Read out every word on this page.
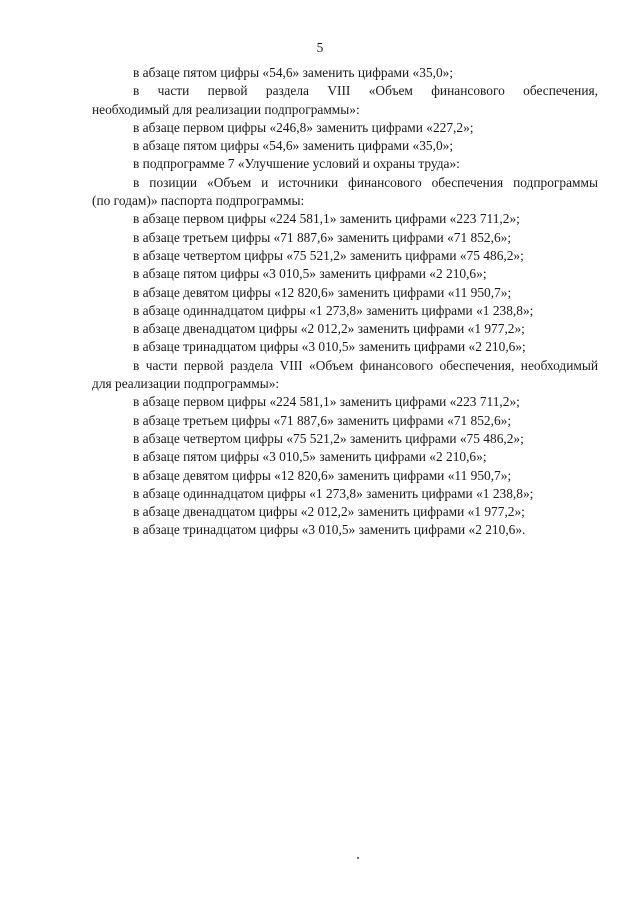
5
в абзаце пятом цифры «54,6» заменить цифрами «35,0»;
в части первой раздела VIII «Объем финансового обеспечения,
необходимый для реализации подпрограммы»:
в абзаце первом цифры «246,8» заменить цифрами «227,2»;
в абзаце пятом цифры «54,6» заменить цифрами «35,0»;
в подпрограмме 7 «Улучшение условий и охраны труда»:
в позиции «Объем и источники финансового обеспечения подпрограммы
(по годам)» паспорта подпрограммы:
в абзаце первом цифры «224 581,1» заменить цифрами «223 711,2»;
в абзаце третьем цифры «71 887,6» заменить цифрами «71 852,6»;
в абзаце четвертом цифры «75 521,2» заменить цифрами «75 486,2»;
в абзаце пятом цифры «3 010,5» заменить цифрами «2 210,6»;
в абзаце девятом цифры «12 820,6» заменить цифрами «11 950,7»;
в абзаце одиннадцатом цифры «1 273,8» заменить цифрами «1 238,8»;
в абзаце двенадцатом цифры «2 012,2» заменить цифрами «1 977,2»;
в абзаце тринадцатом цифры «3 010,5» заменить цифрами «2 210,6»;
в части первой раздела VIII «Объем финансового обеспечения, необходимый
для реализации подпрограммы»:
в абзаце первом цифры «224 581,1» заменить цифрами «223 711,2»;
в абзаце третьем цифры «71 887,6» заменить цифрами «71 852,6»;
в абзаце четвертом цифры «75 521,2» заменить цифрами «75 486,2»;
в абзаце пятом цифры «3 010,5» заменить цифрами «2 210,6»;
в абзаце девятом цифры «12 820,6» заменить цифрами «11 950,7»;
в абзаце одиннадцатом цифры «1 273,8» заменить цифрами «1 238,8»;
в абзаце двенадцатом цифры «2 012,2» заменить цифрами «1 977,2»;
в абзаце тринадцатом цифры «3 010,5» заменить цифрами «2 210,6».
